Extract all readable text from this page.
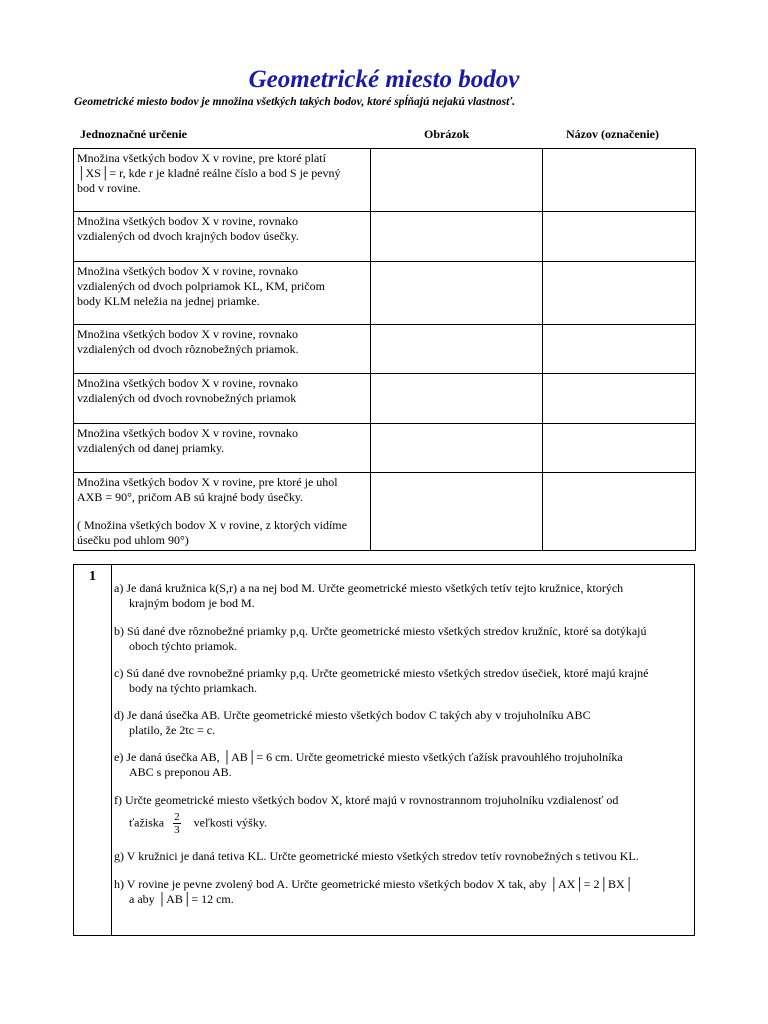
Geometrické miesto bodov
Geometrické miesto bodov je množina všetkých takých bodov, ktoré spĺňajú nejakú vlastnosť.
Jednoznačné určenie	Obrázok	Názov (označenie)

Množina všetkých bodov X v rovine, pre ktoré platí
│XS│= r, kde r je kladné reálne číslo a bod S je pevný
bod v rovine.		

Množina všetkých bodov X v rovine, rovnako
vzdialených od dvoch krajných bodov úsečky.		

Množina všetkých bodov X v rovine, rovnako
vzdialených od dvoch polpriamok KL, KM, pričom
body KLM neležia na jednej priamke.		

Množina všetkých bodov X v rovine, rovnako
vzdialených od dvoch rôznobežných priamok.		

Množina všetkých bodov X v rovine, rovnako
vzdialených od dvoch rovnobežných priamok		

Množina všetkých bodov X v rovine, rovnako
vzdialených od danej priamky.		

Množina všetkých bodov X v rovine, pre ktoré je uhol
AXB = 90°, pričom AB sú krajné body úsečky.

( Množina všetkých bodov X v rovine, z ktorých vidíme
úsečku pod uhlom 90°)		

1
a) Je daná kružnica k(S,r) a na nej bod M. Určte geometrické miesto všetkých tetív tejto kružnice, ktorých
krajným bodom je bod M.
b) Sú dané dve rôznobežné priamky p,q. Určte geometrické miesto všetkých stredov kružníc, ktoré sa dotýkajú
oboch týchto priamok.
c) Sú dané dve rovnobežné priamky p,q. Určte geometrické miesto všetkých stredov úsečiek, ktoré majú krajné
body na týchto priamkach.
d) Je daná úsečka AB. Určte geometrické miesto všetkých bodov C takých aby v trojuholníku ABC
platilo, že 2tc = c.
e) Je daná úsečka AB, │AB│= 6 cm. Určte geometrické miesto všetkých ťažísk pravouhlého trojuholníka
ABC s preponou AB.
f) Určte geometrické miesto všetkých bodov X, ktoré majú v rovnostrannom trojuholníku vzdialenosť od
ťažiska $\frac{2}{3}$ veľkosti výšky.
g) V kružnici je daná tetiva KL. Určte geometrické miesto všetkých stredov tetív rovnobežných s tetivou KL.
h) V rovine je pevne zvolený bod A. Určte geometrické miesto všetkých bodov X tak, aby │AX│= 2│BX│
a aby │AB│= 12 cm.
